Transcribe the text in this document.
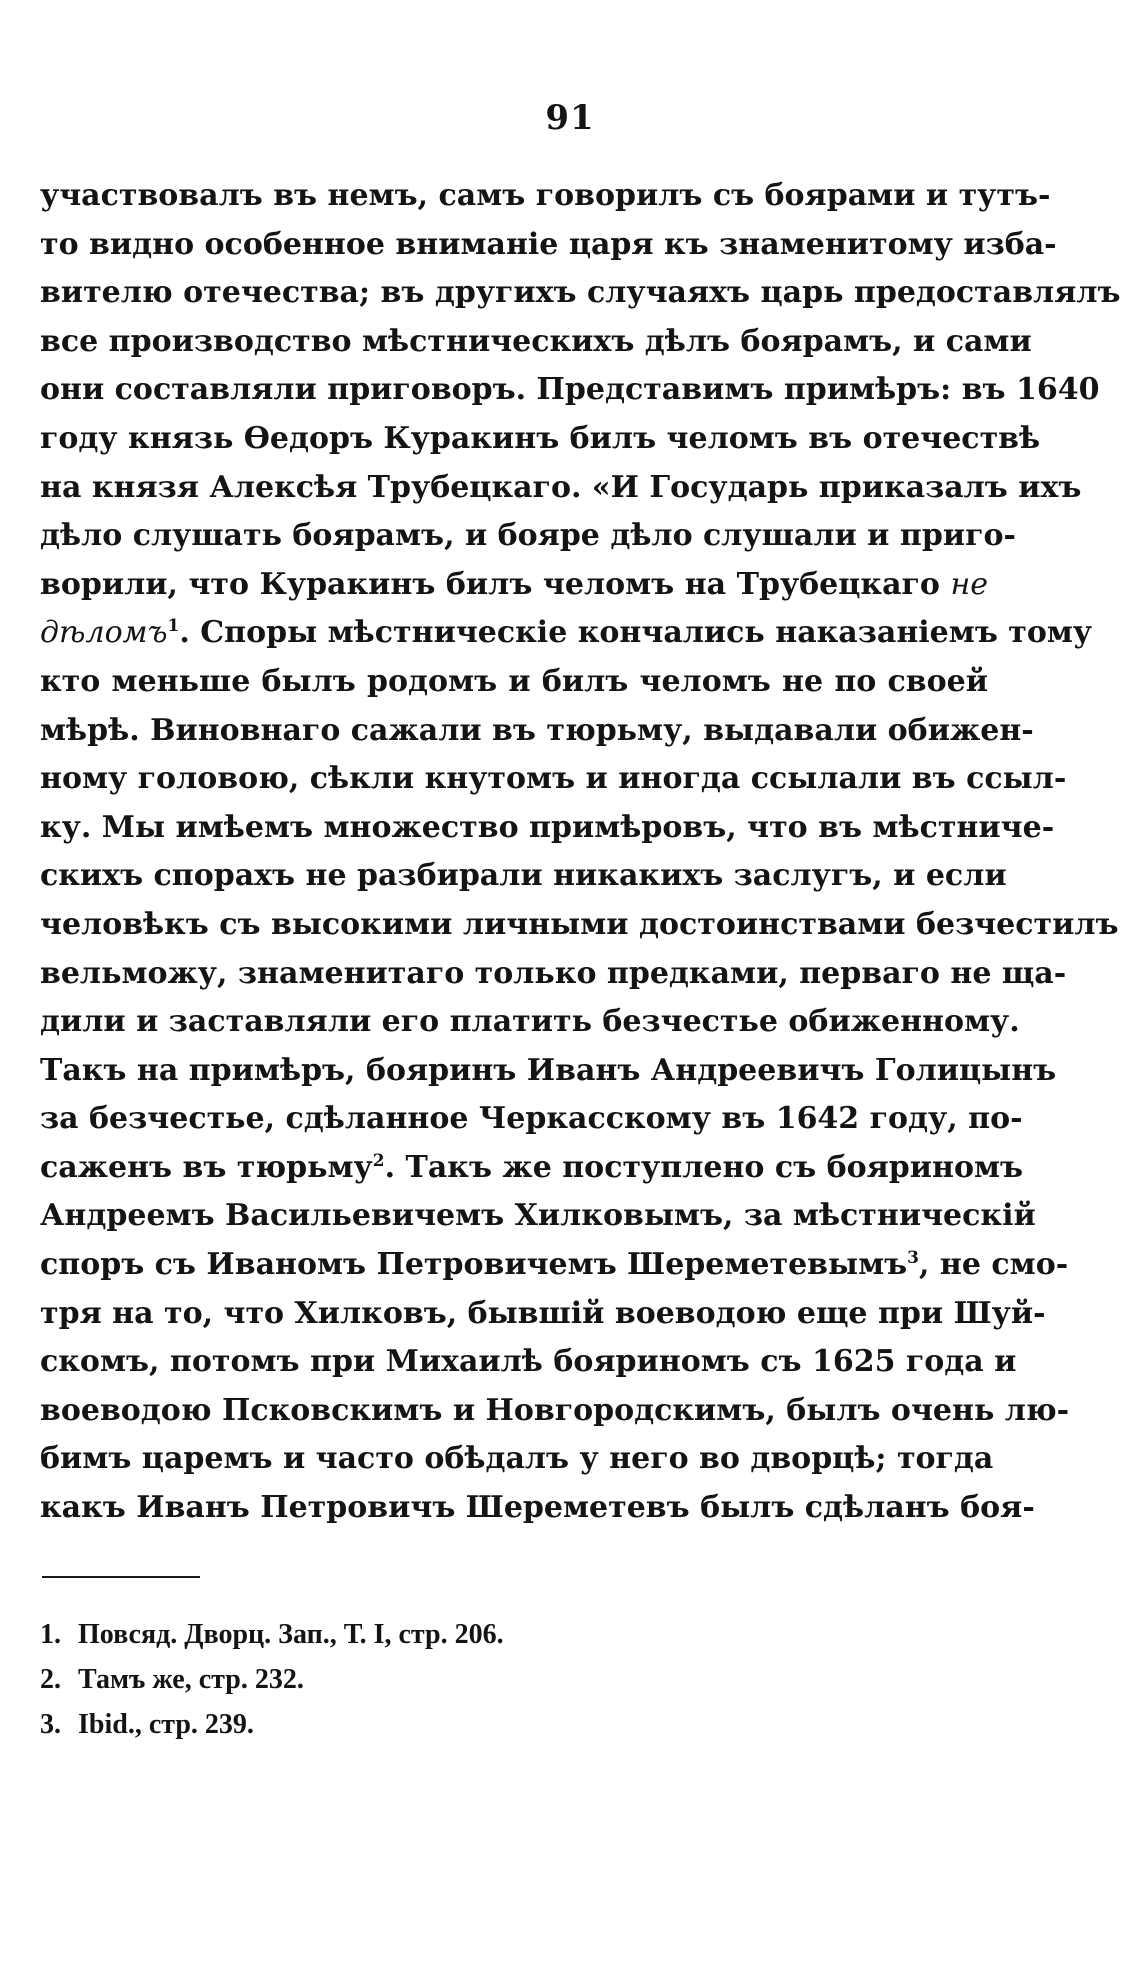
91
участвовалъ въ немъ, самъ говорилъ съ боярами и тутъ-
то видно особенное вниманіе царя къ знаменитому изба-
вителю отечества; въ другихъ случаяхъ царь предоставлялъ
все производство мѣстническихъ дѣлъ боярамъ, и сами
они составляли приговоръ. Представимъ примѣръ: въ 1640
году князь Ѳедоръ Куракинъ билъ челомъ въ отечествѣ
на князя Алексѣя Трубецкаго. «И Государь приказалъ ихъ
дѣло слушать боярамъ, и бояре дѣло слушали и приго-
ворили, что Куракинъ билъ челомъ на Трубецкаго не
дѣломъ$^1$. Споры мѣстническіе кончались наказаніемъ тому
кто меньше былъ родомъ и билъ челомъ не по своей
мѣрѣ. Виновнаго сажали въ тюрьму, выдавали обижен-
ному головою, сѣкли кнутомъ и иногда ссылали въ ссыл-
ку. Мы имѣемъ множество примѣровъ, что въ мѣстниче-
скихъ спорахъ не разбирали никакихъ заслугъ, и если
человѣкъ съ высокими личными достоинствами безчестилъ
вельможу, знаменитаго только предками, перваго не ща-
дили и заставляли его платить безчестье обиженному.
Такъ на примѣръ, бояринъ Иванъ Андреевичъ Голицынъ
за безчестье, сдѣланное Черкасскому въ 1642 году, по-
саженъ въ тюрьму$^2$. Такъ же поступлено съ бояриномъ
Андреемъ Васильевичемъ Хилковымъ, за мѣстническій
споръ съ Иваномъ Петровичемъ Шереметевымъ$^3$, не смо-
тря на то, что Хилковъ, бывшій воеводою еще при Шуй-
скомъ, потомъ при Михаилѣ бояриномъ съ 1625 года и
воеводою Псковскимъ и Новгородскимъ, былъ очень лю-
бимъ царемъ и часто обѣдалъ у него во дворцѣ; тогда
какъ Иванъ Петровичъ Шереметевъ былъ сдѣланъ боя-
1. Повсяд. Дворц. Зап., Т. I, стр. 206.
2. Тамъ же, стр. 232.
3. Ibid., стр. 239.
